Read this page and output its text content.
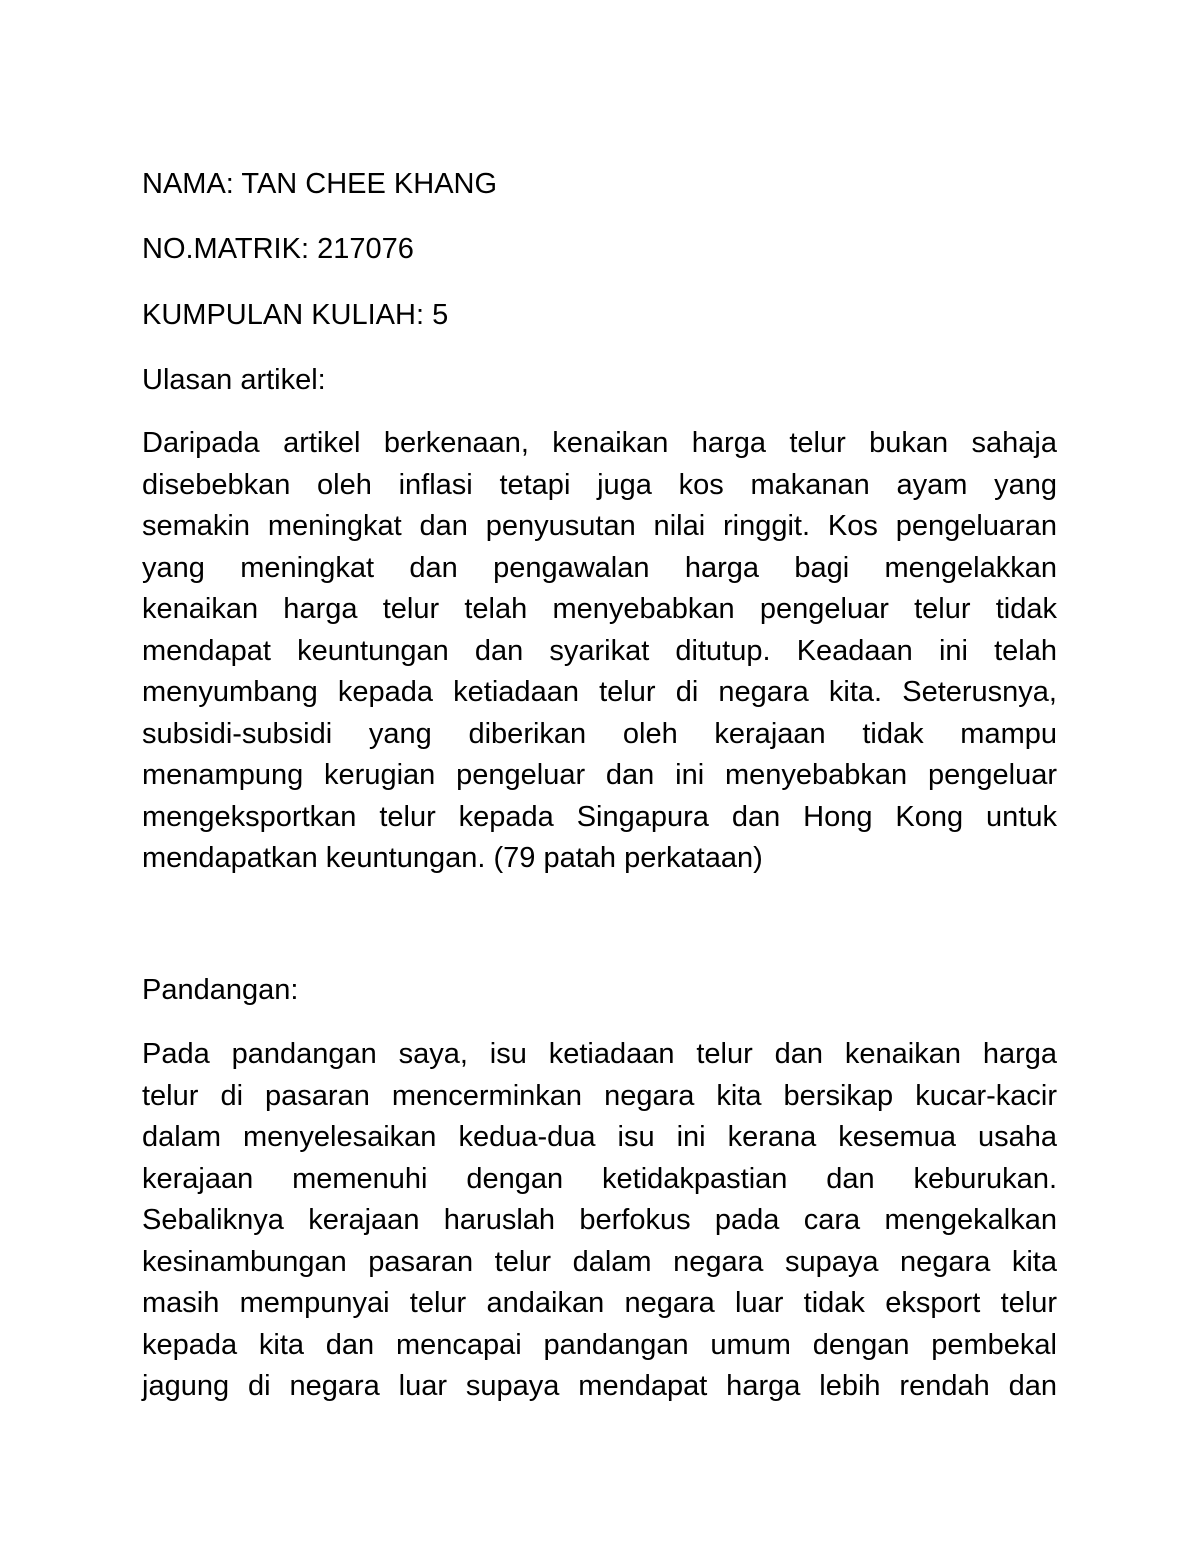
NAMA: TAN CHEE KHANG

NO.MATRIK: 217076

KUMPULAN KULIAH: 5

Ulasan artikel:

Daripada artikel berkenaan, kenaikan harga telur bukan sahaja
disebebkan oleh inflasi tetapi juga kos makanan ayam yang
semakin meningkat dan penyusutan nilai ringgit. Kos pengeluaran
yang meningkat dan pengawalan harga bagi mengelakkan
kenaikan harga telur telah menyebabkan pengeluar telur tidak
mendapat keuntungan dan syarikat ditutup. Keadaan ini telah
menyumbang kepada ketiadaan telur di negara kita. Seterusnya,
subsidi-subsidi yang diberikan oleh kerajaan tidak mampu
menampung kerugian pengeluar dan ini menyebabkan pengeluar
mengeksportkan telur kepada Singapura dan Hong Kong untuk
mendapatkan keuntungan. (79 patah perkataan)

Pandangan:

Pada pandangan saya, isu ketiadaan telur dan kenaikan harga
telur di pasaran mencerminkan negara kita bersikap kucar-kacir
dalam menyelesaikan kedua-dua isu ini kerana kesemua usaha
kerajaan memenuhi dengan ketidakpastian dan keburukan.
Sebaliknya kerajaan haruslah berfokus pada cara mengekalkan
kesinambungan pasaran telur dalam negara supaya negara kita
masih mempunyai telur andaikan negara luar tidak eksport telur
kepada kita dan mencapai pandangan umum dengan pembekal
jagung di negara luar supaya mendapat harga lebih rendah dan
